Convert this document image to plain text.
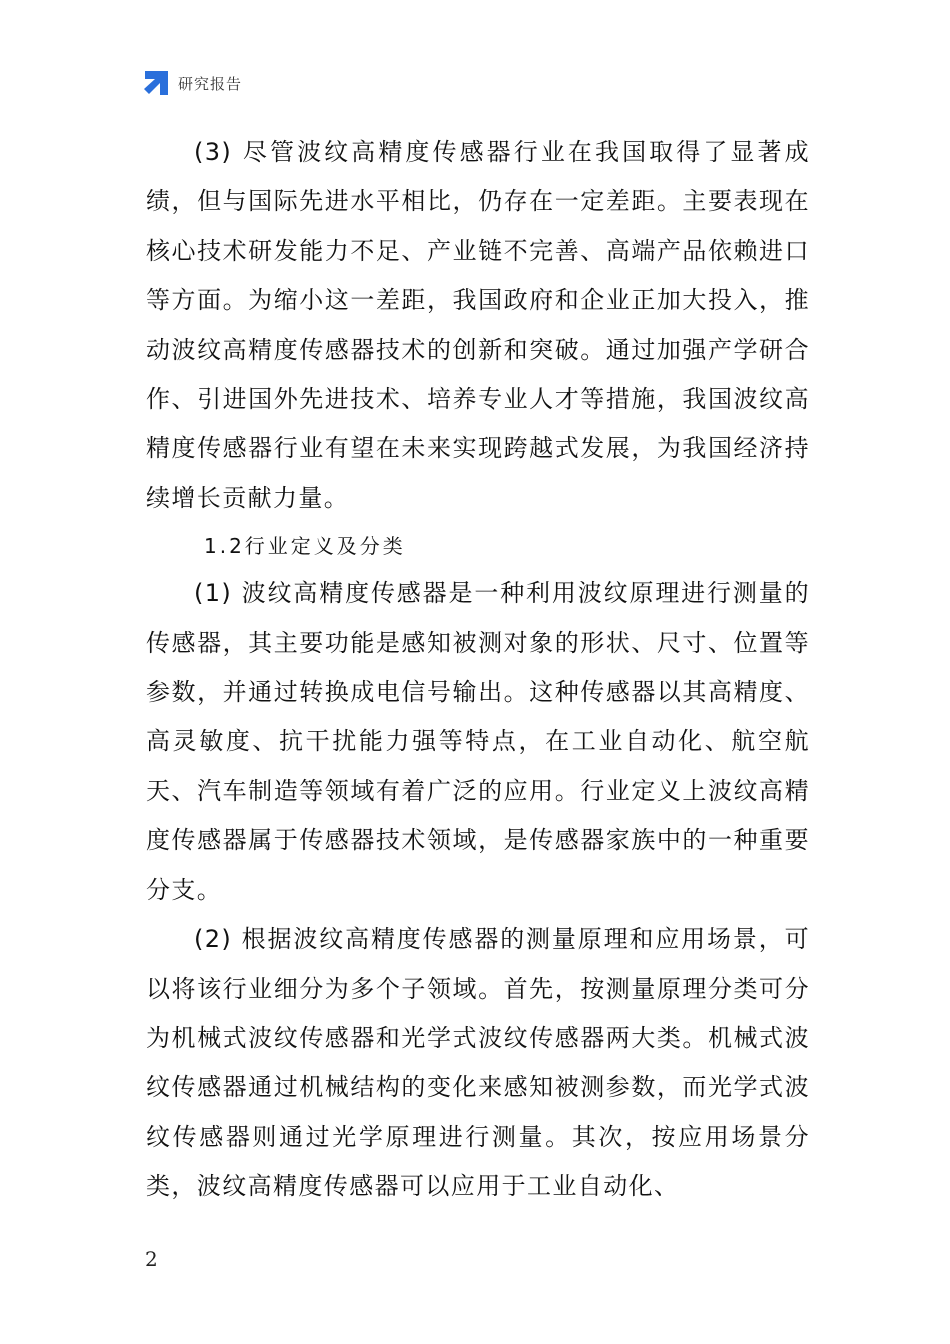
研究报告

(3) 尽管波纹高精度传感器行业在我国取得了显著成绩，但与国际先进水平相比，仍存在一定差距。主要表现在核心技术研发能力不足、产业链不完善、高端产品依赖进口等方面。为缩小这一差距，我国政府和企业正加大投入，推动波纹高精度传感器技术的创新和突破。通过加强产学研合作、引进国外先进技术、培养专业人才等措施，我国波纹高精度传感器行业有望在未来实现跨越式发展，为我国经济持续增长贡献力量。

1.2行业定义及分类

(1) 波纹高精度传感器是一种利用波纹原理进行测量的传感器，其主要功能是感知被测对象的形状、尺寸、位置等参数，并通过转换成电信号输出。这种传感器以其高精度、高灵敏度、抗干扰能力强等特点，在工业自动化、航空航天、汽车制造等领域有着广泛的应用。行业定义上波纹高精度传感器属于传感器技术领域，是传感器家族中的一种重要分支。

(2) 根据波纹高精度传感器的测量原理和应用场景，可以将该行业细分为多个子领域。首先，按测量原理分类可分为机械式波纹传感器和光学式波纹传感器两大类。机械式波纹传感器通过机械结构的变化来感知被测参数，而光学式波纹传感器则通过光学原理进行测量。其次，按应用场景分类，波纹高精度传感器可以应用于工业自动化、

2
